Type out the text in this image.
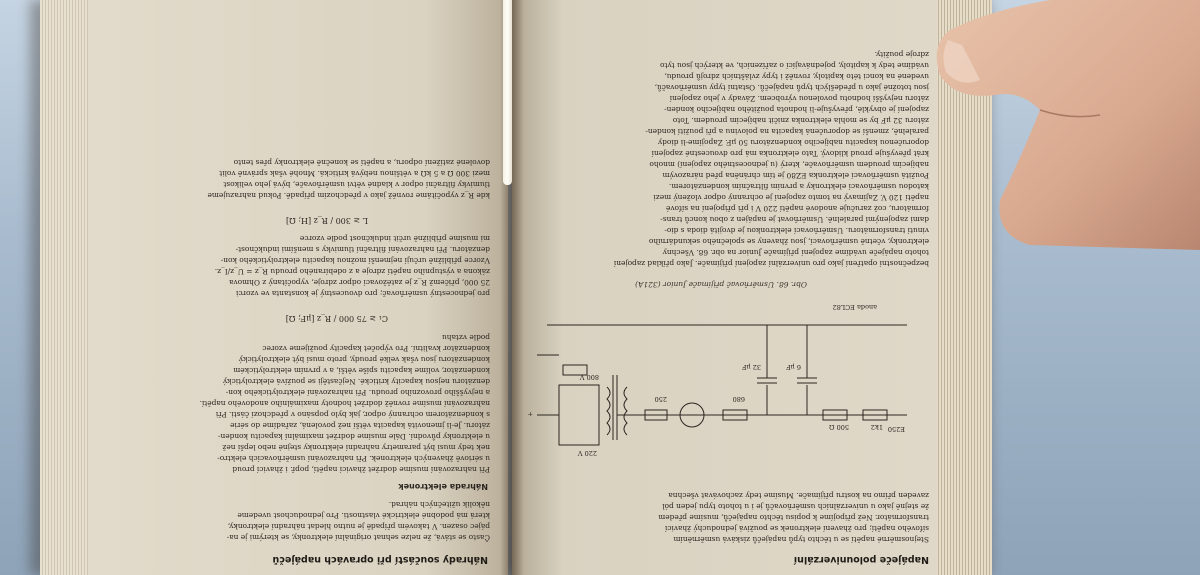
Náhrady součástí při opravách napáječů
Často se stává, že nelze sehnat originální elektronky, se kterými je na-
pájec osazen. V takovém případě je nutno hledat náhradní elektronky,
která má podobné elektrické vlastnosti. Pro jednoduchost uvedeme
několik užitečných náhrad.
Náhrada elektronek
Při nahrazování musíme dodržet žhavicí napětí, popř. i žhavicí proud
u sériově žhavených elektronek. Při nahrazování usměrňovacích elektro-
nek tedy musí být parametry nahradní elektronky stejné nebo lepší než
u elektronky původní. Dále musíme dodržet maximální kapacitu konden-
zátoru. Je-li jmenovitá kapacita větší než povolená, zařadíme do série
s kondenzátorem ochranný odpor, jak bylo popsáno v předchozí části. Při
nahrazování musíme rovněž dodržet hodnoty maximálního anodového napětí.
a nejvyššího provozního proudu. Při nahrazování elektrolytického kon-
denzátoru nejsou kapacity kritické. Nejčastěji se používá elektrolytický
kondenzátor, volíme kapacitu spíše větší, a v prvním elektrolytickém
kondenzátoru jsou však velké proudy, proto musí být elektrolytický
kondenzátor kvalitní. Pro výpočet kapacity použijeme vzorec
podle vztahu
C₁ ≥ 75 000 / R_z [μF; Ω]
pro jednocestný usměrňovač; pro dvoucestný je konstanta ve vzorci
25 000, přičemž R_z je zatěžovací odpor zdroje, vypočítaný z Ohmova
zákona a výstupního napětí zdroje a z odebíraného proudu R_z = U_z/I_z.
Vzorce přibližně určují nejmenší možnou kapacitu elektrolytického kon-
denzátoru. Při nahrazování filtrační tlumivky s menšími indukčnost-
mi musíme přibližně určit indukčnost podle vzorce
L ≥ 300 / R_z [H; Ω]
kde R_z vypočítáme rovněž jako v předchozím případě. Pokud nahrazujeme
tlumivky filtrační odpor v kladné větvi usměrňovače, bývá jeho velikost
mezi 300 Ω a 5 kΩ a většinou nebývá kritická. Mnohé však správně volit
dovolené zatížení odporu, a napětí se konečně elektronky přes tento
Napáječe polouniverzální
Stejnosměrné napětí se u těchto typů napáječů získává usměrněním
síťového napětí; pro žhavení elektronek se používá jednoduchý žhavicí
transformátor. Než připojíme k popisu těchto napáječů, musíme předem
že stejně jako u univerzálních usměrňovačů je i u tohoto typu jeden pól
zaveden přímo na kostru přijímače. Musíme tedy zachovávat všechna
E250
1k2
500 Ω
6 μF
32 μF
680
250
220 V
800 V
anoda ECL82
+
Obr. 68. Usměrňovač přijímače Junior (321A)
bezpečnostní opatření jako pro univerzální zapojení přijímače. Jako příklad zapojení
tohoto napáječe uvádíme zapojení přijímače Junior na obr. 68. Všechny
elektronky, včetně usměrňovací, jsou žhaveny se společného sekundárního
vinutí transformátoru. Usměrňovací elektronkou je dvojitá dioda s dio-
dami zapojenými paralelně. Usměrňovat je napájen z obou konců trans-
formátoru, což zaručuje anodové napětí 220 V i při připojení na síťové
napětí 120 V. Zajímavý na tomto zapojení je ochranný odpor vložený mezi
katodou usměrňovací elektronky a prvním filtračním kondenzátorem.
Použitá usměrňovací elektronka EZ80 je tím chráněna před nárazovým
nabíjecím proudem usměrňovače, který (u jednocestného zapojení) mnoho
krát převyšuje proud klidový. Tato elektronka má pro dvoucestné zapojení
doporučenou kapacitu nabíjecího kondenzátoru 50 μF. Zapojíme-li diody
paralelně, zmenší se doporučená kapacita na polovinu a při použití konden-
zátoru 32 μF by se mohla elektronka zničit nabíjecím proudem. Toto
zapojení je obvyklé, převyšuje-li hodnota použitého nabíjecího konden-
zátoru nejvyšší hodnotu povolenou výrobcem. Závady v jeho zapojení
jsou totožné jako u předešlých typů napáječů. Ostatní typy usměrňovačů,
uvedené na konci této kapitoly, rovněž i typy zvláštních zdrojů proudu,
uvádíme tedy k kapitoly, pojednávající o zařízeních, ve kterých jsou tyto
zdroje použity.
